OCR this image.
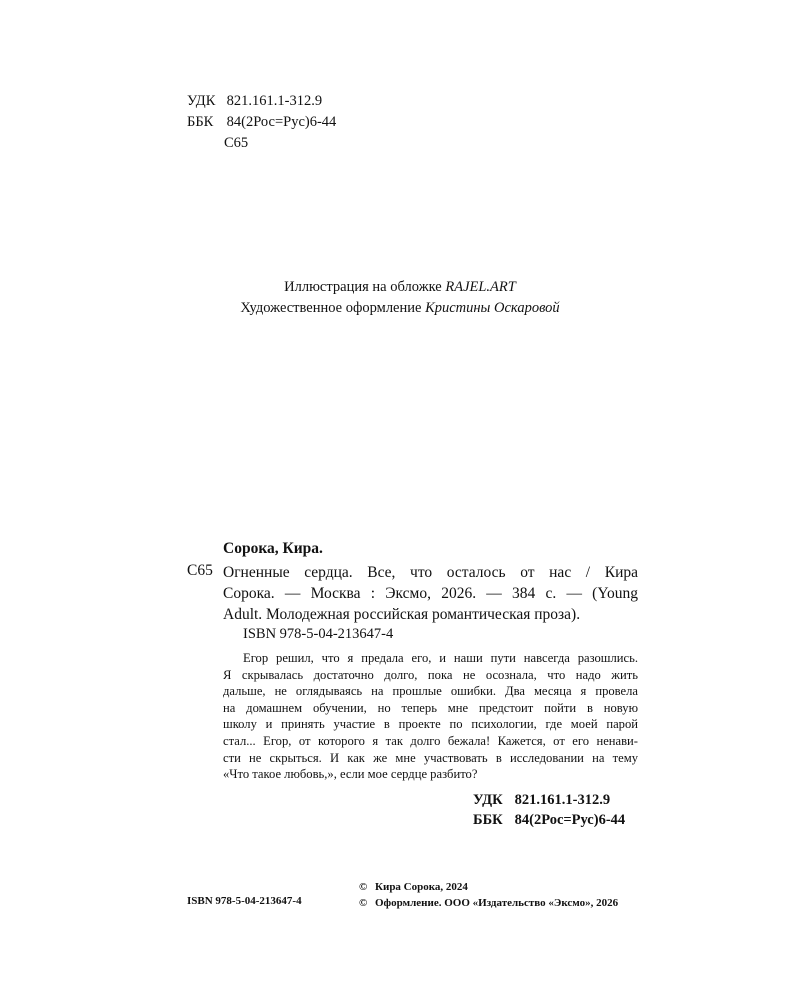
УДК 821.161.1-312.9
ББК 84(2Рос=Рус)6-44
С65
Иллюстрация на обложке RAJEL.ART
Художественное оформление Кристины Оскаровой
Сорока, Кира.
С65 Огненные сердца. Все, что осталось от нас / Кира
Сорока. — Москва : Эксмо, 2026. — 384 с. — (Young
Adult. Молодежная российская романтическая проза).
ISBN 978-5-04-213647-4
Егор решил, что я предала его, и наши пути навсегда разошлись.
Я скрывалась достаточно долго, пока не осознала, что надо жить
дальше, не оглядываясь на прошлые ошибки. Два месяца я провела
на домашнем обучении, но теперь мне предстоит пойти в новую
школу и принять участие в проекте по психологии, где моей парой
стал... Егор, от которого я так долго бежала! Кажется, от его ненави-
сти не скрыться. И как же мне участвовать в исследовании на тему
«Что такое любовь,», если мое сердце разбито?
УДК 821.161.1-312.9
ББК 84(2Рос=Рус)6-44
ISBN 978-5-04-213647-4
© Кира Сорока, 2024
© Оформление. ООО «Издательство «Эксмо», 2026
